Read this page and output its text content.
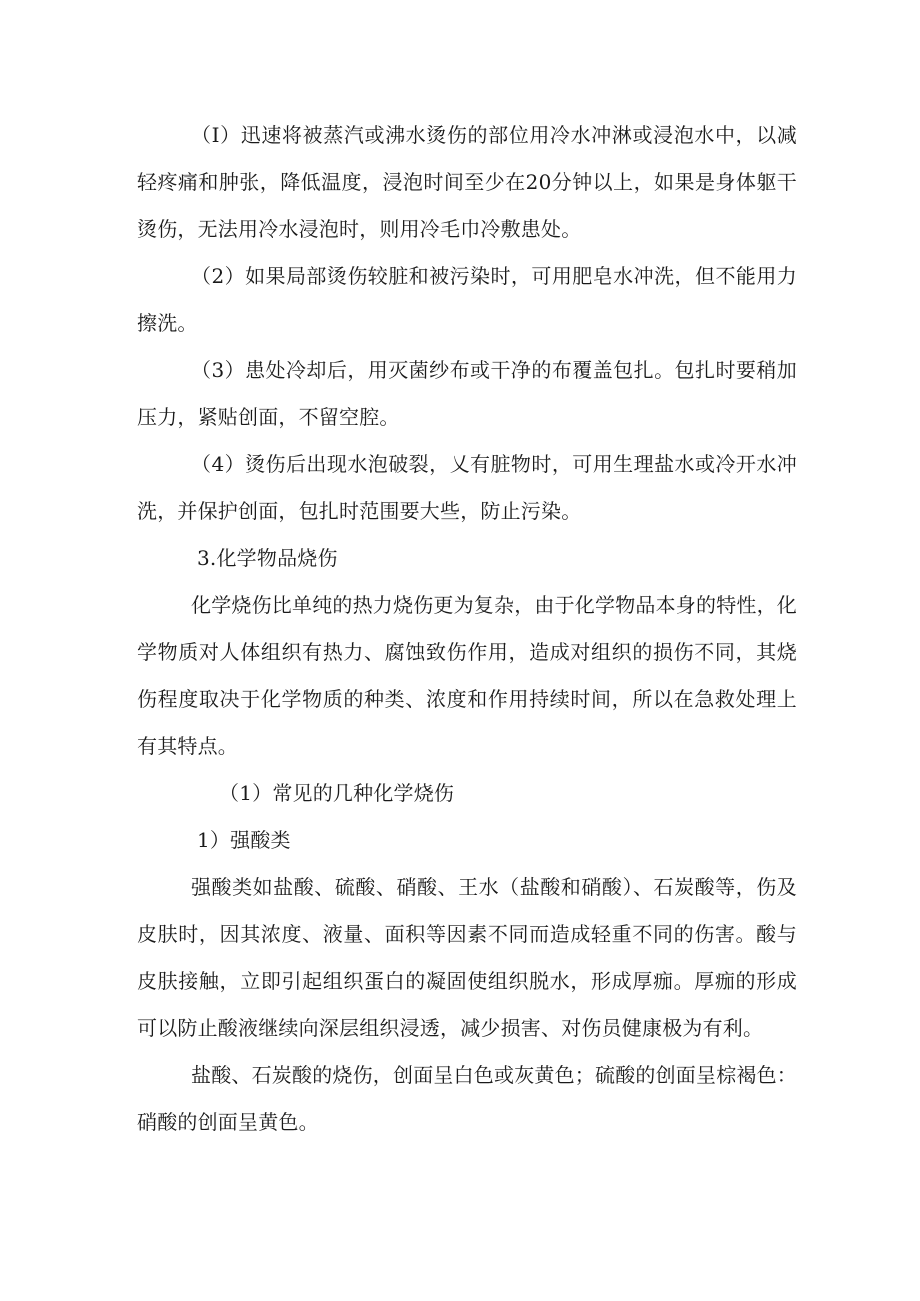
（I）迅速将被蒸汽或沸水烫伤的部位用冷水冲淋或浸泡水中，以减轻疼痛和肿张，降低温度，浸泡时间至少在20分钟以上，如果是身体躯干烫伤，无法用冷水浸泡时，则用冷毛巾冷敷患处。

（2）如果局部烫伤较脏和被污染时，可用肥皂水冲洗，但不能用力擦洗。

（3）患处冷却后，用灭菌纱布或干净的布覆盖包扎。包扎时要稍加压力，紧贴创面，不留空腔。

（4）烫伤后出现水泡破裂，乂有脏物时，可用生理盐水或冷开水冲洗，并保护创面，包扎时范围要大些，防止污染。

3.化学物品烧伤

化学烧伤比单纯的热力烧伤更为复杂，由于化学物品本身的特性，化学物质对人体组织有热力、腐蚀致伤作用，造成对组织的损伤不同，其烧伤程度取决于化学物质的种类、浓度和作用持续时间，所以在急救处理上有其特点。

（1）常见的几种化学烧伤

1）强酸类

强酸类如盐酸、硫酸、硝酸、王水（盐酸和硝酸）、石炭酸等，伤及皮肤时，因其浓度、液量、面积等因素不同而造成轻重不同的伤害。酸与皮肤接触，立即引起组织蛋白的凝固使组织脱水，形成厚痂。厚痂的形成可以防止酸液继续向深层组织浸透，减少损害、对伤员健康极为有利。

盐酸、石炭酸的烧伤，创面呈白色或灰黄色；硫酸的创面呈棕褐色：硝酸的创面呈黄色。
